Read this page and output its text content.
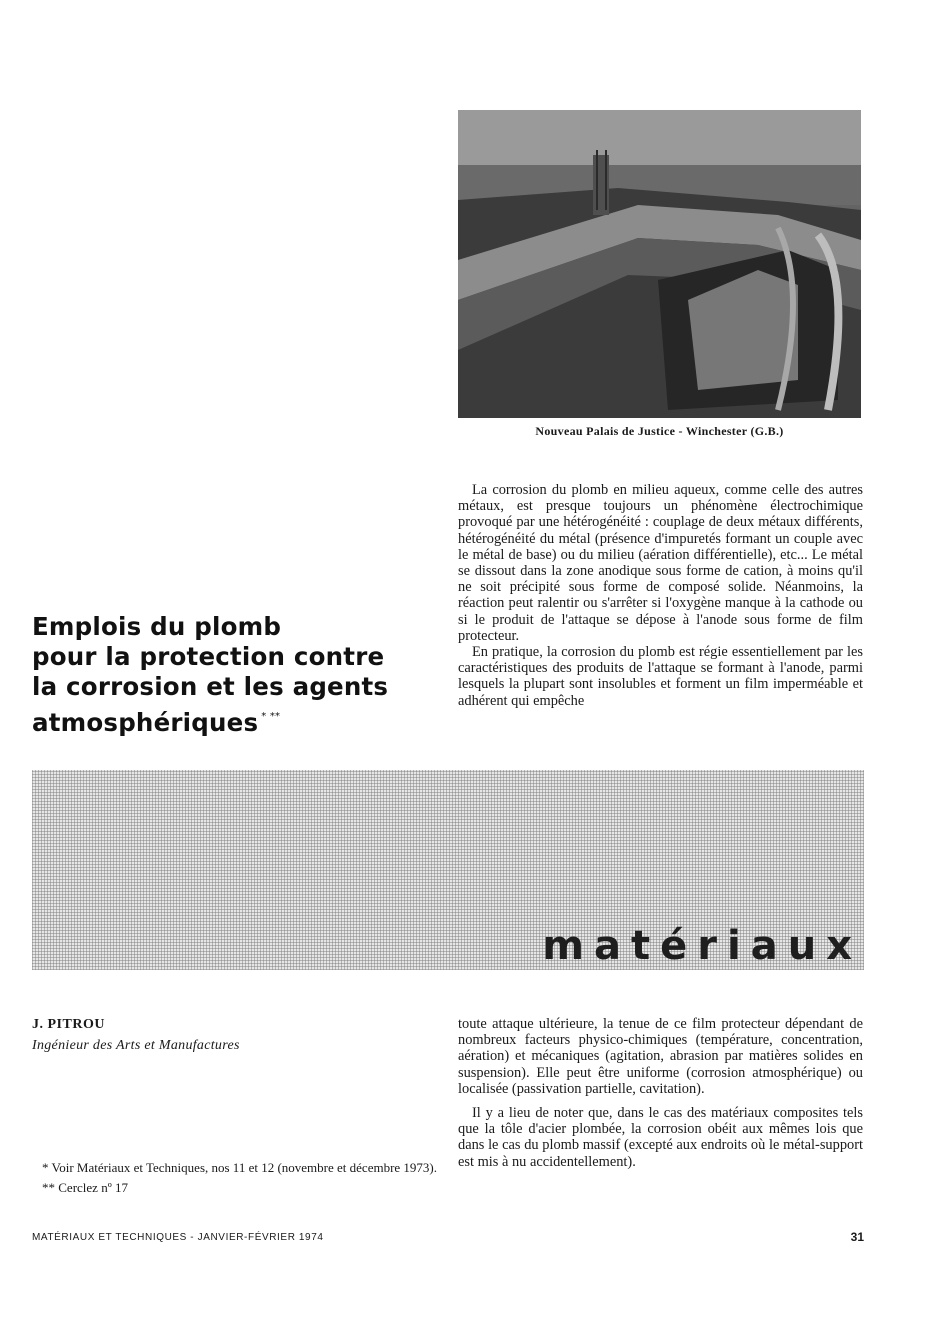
Nouveau Palais de Justice - Winchester (G.B.)
Emplois du plomb
pour la protection contre
la corrosion et les agents
atmosphériques * **

La corrosion du plomb en milieu aqueux, comme celle des autres métaux, est presque toujours un phénomène électrochimique provoqué par une hétérogénéité : couplage de deux métaux différents, hétérogénéité du métal (présence d'impuretés formant un couple avec le métal de base) ou du milieu (aération différentielle), etc... Le métal se dissout dans la zone anodique sous forme de cation, à moins qu'il ne soit précipité sous forme de composé solide. Néanmoins, la réaction peut ralentir ou s'arrêter si l'oxygène manque à la cathode ou si le produit de l'attaque se dépose à l'anode sous forme de film protecteur.

En pratique, la corrosion du plomb est régie essentiellement par les caractéristiques des produits de l'attaque se formant à l'anode, parmi lesquels la plupart sont insolubles et forment un film imperméable et adhérent qui empêche

matériaux
J. PITROU
Ingénieur des Arts et Manufactures

* Voir Matériaux et Techniques, nos 11 et 12 (novembre et décembre 1973).

** Cerclez nº 17

toute attaque ultérieure, la tenue de ce film protecteur dépendant de nombreux facteurs physico-chimiques (température, concentration, aération) et mécaniques (agitation, abrasion par matières solides en suspension). Elle peut être uniforme (corrosion atmosphérique) ou localisée (passivation partielle, cavitation).

Il y a lieu de noter que, dans le cas des matériaux composites tels que la tôle d'acier plombée, la corrosion obéit aux mêmes lois que dans le cas du plomb massif (excepté aux endroits où le métal-support est mis à nu accidentellement).

MATÉRIAUX ET TECHNIQUES - JANVIER-FÉVRIER 1974	31
